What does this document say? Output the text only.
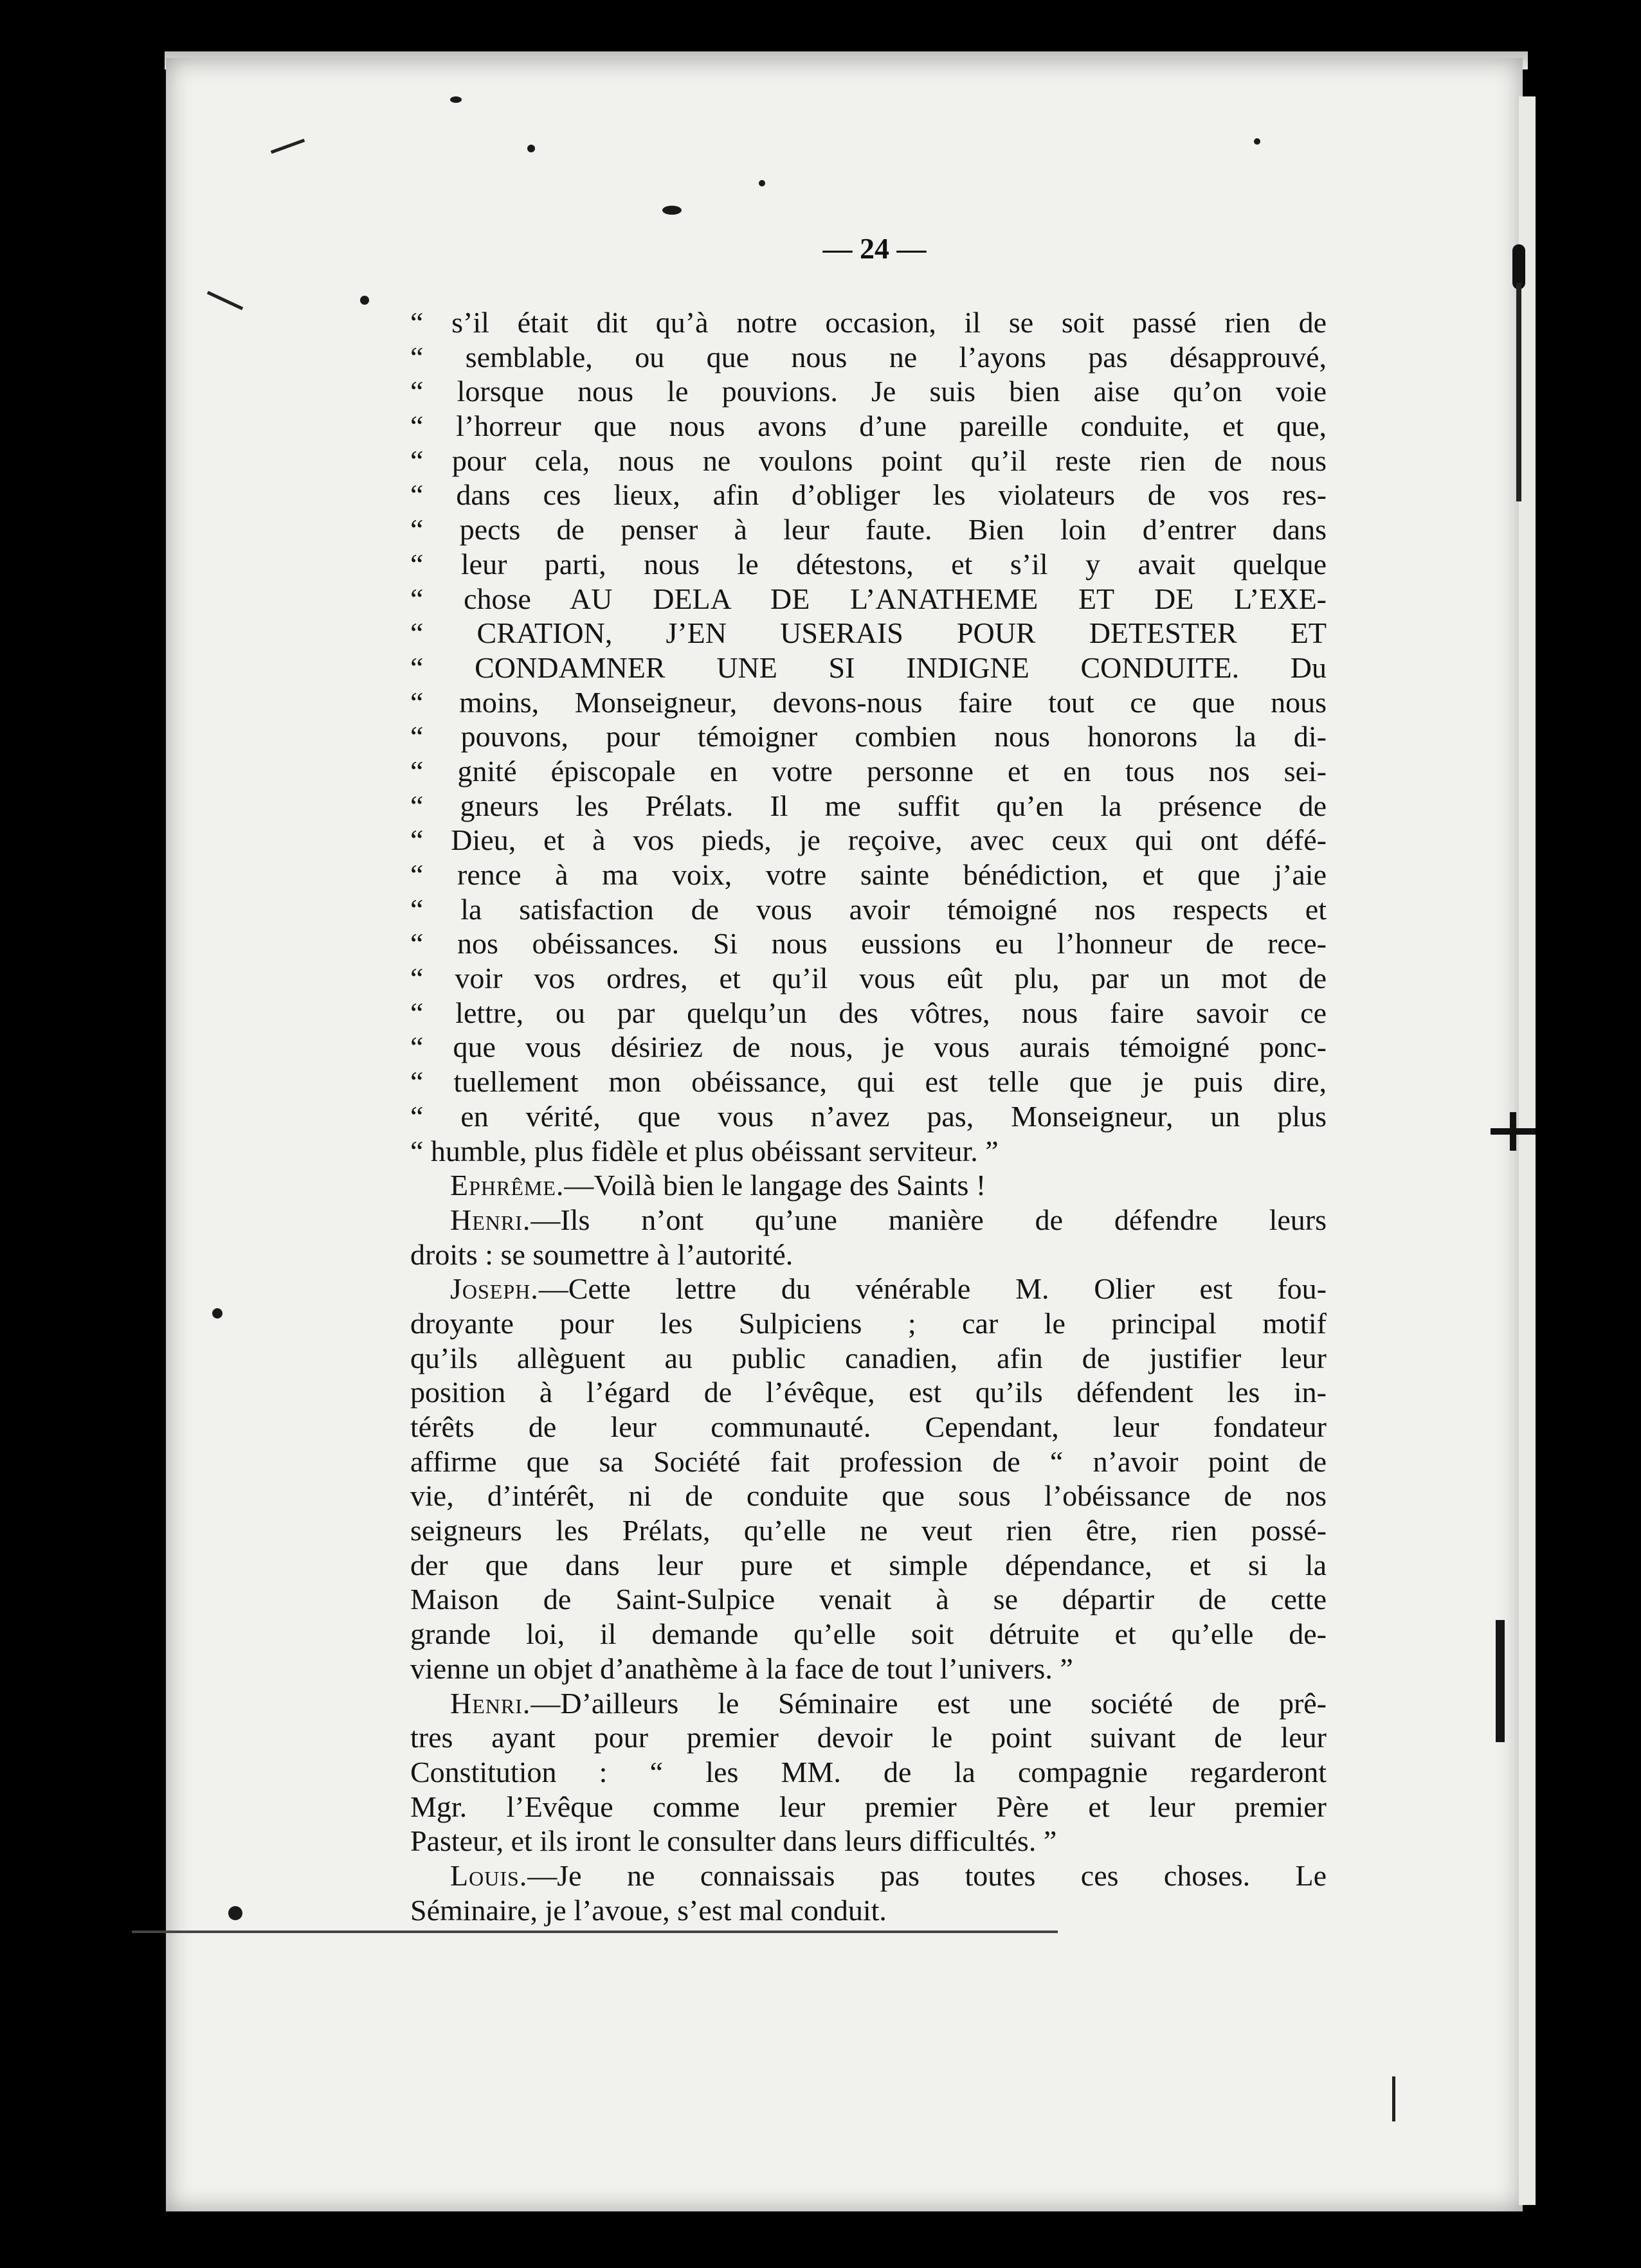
— 24 —
“ s’il était dit qu’à notre occasion, il se soit passé rien de
“ semblable, ou que nous ne l’ayons pas désapprouvé,
“ lorsque nous le pouvions. Je suis bien aise qu’on voie
“ l’horreur que nous avons d’une pareille conduite, et que,
“ pour cela, nous ne voulons point qu’il reste rien de nous
“ dans ces lieux, afin d’obliger les violateurs de vos res-
“ pects de penser à leur faute. Bien loin d’entrer dans
“ leur parti, nous le détestons, et s’il y avait quelque
“ chose AU DELA DE L’ANATHEME ET DE L’EXE-
“ CRATION, J’EN USERAIS POUR DETESTER ET
“ CONDAMNER UNE SI INDIGNE CONDUITE. Du
“ moins, Monseigneur, devons-nous faire tout ce que nous
“ pouvons, pour témoigner combien nous honorons la di-
“ gnité épiscopale en votre personne et en tous nos sei-
“ gneurs les Prélats. Il me suffit qu’en la présence de
“ Dieu, et à vos pieds, je reçoive, avec ceux qui ont défé-
“ rence à ma voix, votre sainte bénédiction, et que j’aie
“ la satisfaction de vous avoir témoigné nos respects et
“ nos obéissances. Si nous eussions eu l’honneur de rece-
“ voir vos ordres, et qu’il vous eût plu, par un mot de
“ lettre, ou par quelqu’un des vôtres, nous faire savoir ce
“ que vous désiriez de nous, je vous aurais témoigné ponc-
“ tuellement mon obéissance, qui est telle que je puis dire,
“ en vérité, que vous n’avez pas, Monseigneur, un plus
“ humble, plus fidèle et plus obéissant serviteur. ”
Ephrême.—Voilà bien le langage des Saints !
Henri.—Ils n’ont qu’une manière de défendre leurs
droits : se soumettre à l’autorité.
Joseph.—Cette lettre du vénérable M. Olier est fou-
droyante pour les Sulpiciens ; car le principal motif
qu’ils allèguent au public canadien, afin de justifier leur
position à l’égard de l’évêque, est qu’ils défendent les in-
térêts de leur communauté. Cependant, leur fondateur
affirme que sa Société fait profession de “ n’avoir point de
vie, d’intérêt, ni de conduite que sous l’obéissance de nos
seigneurs les Prélats, qu’elle ne veut rien être, rien possé-
der que dans leur pure et simple dépendance, et si la
Maison de Saint-Sulpice venait à se départir de cette
grande loi, il demande qu’elle soit détruite et qu’elle de-
vienne un objet d’anathème à la face de tout l’univers. ”
Henri.—D’ailleurs le Séminaire est une société de prê-
tres ayant pour premier devoir le point suivant de leur
Constitution : “ les MM. de la compagnie regarderont
Mgr. l’Evêque comme leur premier Père et leur premier
Pasteur, et ils iront le consulter dans leurs difficultés. ”
Louis.—Je ne connaissais pas toutes ces choses. Le
Séminaire, je l’avoue, s’est mal conduit.
